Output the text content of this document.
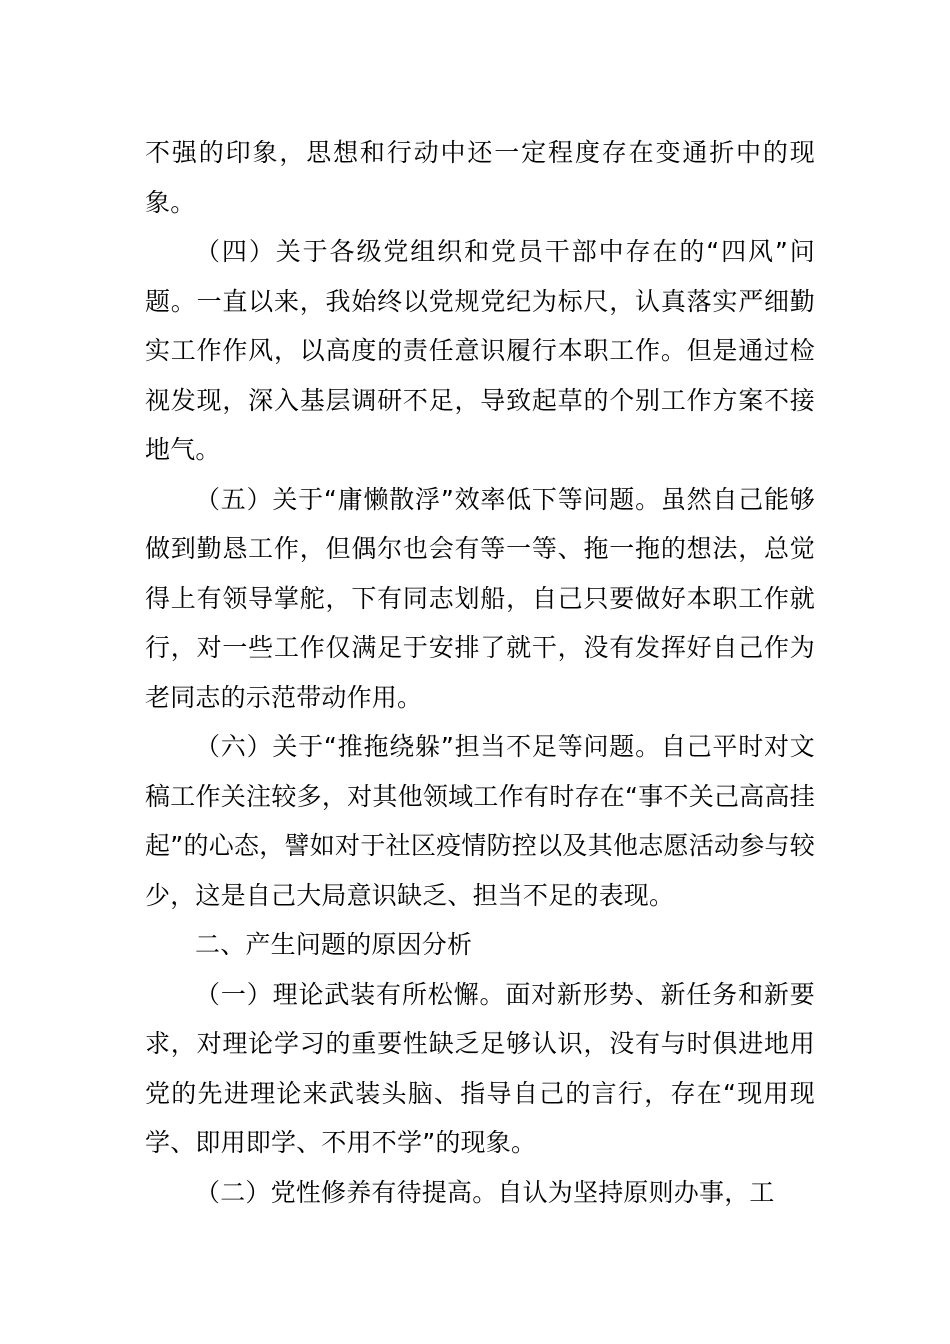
不强的印象，思想和行动中还一定程度存在变通折中的现象。

（四）关于各级党组织和党员干部中存在的“四风”问题。一直以来，我始终以党规党纪为标尺，认真落实严细勤实工作作风，以高度的责任意识履行本职工作。但是通过检视发现，深入基层调研不足，导致起草的个别工作方案不接地气。

（五）关于“庸懒散浮”效率低下等问题。虽然自己能够做到勤恳工作，但偶尔也会有等一等、拖一拖的想法，总觉得上有领导掌舵，下有同志划船，自己只要做好本职工作就行，对一些工作仅满足于安排了就干，没有发挥好自己作为老同志的示范带动作用。

（六）关于“推拖绕躲”担当不足等问题。自己平时对文稿工作关注较多，对其他领域工作有时存在“事不关己高高挂起”的心态，譬如对于社区疫情防控以及其他志愿活动参与较少，这是自己大局意识缺乏、担当不足的表现。

二、产生问题的原因分析

（一）理论武装有所松懈。面对新形势、新任务和新要求，对理论学习的重要性缺乏足够认识，没有与时俱进地用党的先进理论来武装头脑、指导自己的言行，存在“现用现学、即用即学、不用不学”的现象。

（二）党性修养有待提高。自认为坚持原则办事，工
